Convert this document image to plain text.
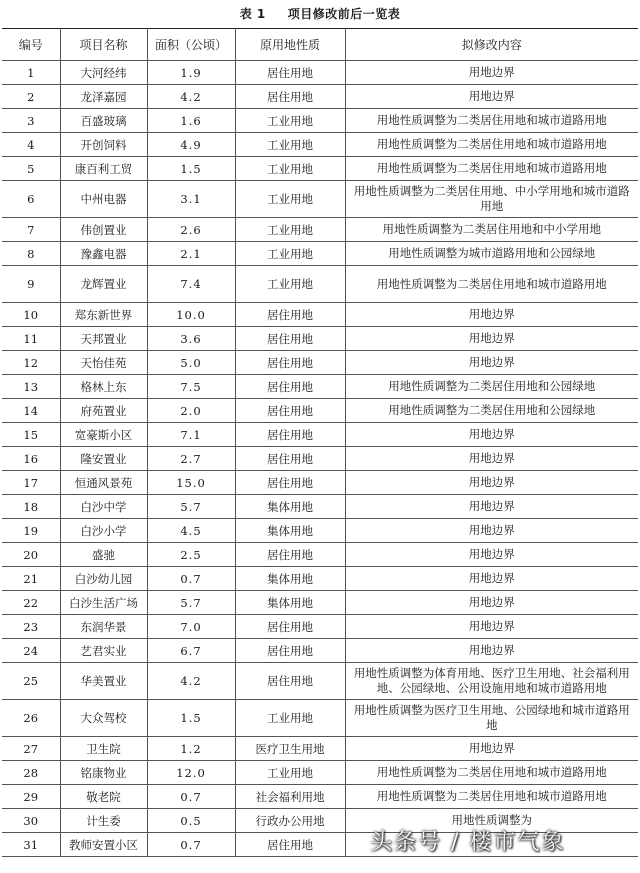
表 1 项目修改前后一览表
编号	项目名称	面积（公顷）	原用地性质	拟修改内容
1	大河经纬	1.9	居住用地	用地边界
2	龙泽嘉园	4.2	居住用地	用地边界
3	百盛玻璃	1.6	工业用地	用地性质调整为二类居住用地和城市道路用地
4	开创饲料	4.9	工业用地	用地性质调整为二类居住用地和城市道路用地
5	康百利工贸	1.5	工业用地	用地性质调整为二类居住用地和城市道路用地
6	中州电器	3.1	工业用地	用地性质调整为二类居住用地、中小学用地和城市道路用地
7	伟创置业	2.6	工业用地	用地性质调整为二类居住用地和中小学用地
8	豫鑫电器	2.1	工业用地	用地性质调整为城市道路用地和公园绿地
9	龙辉置业	7.4	工业用地	用地性质调整为二类居住用地和城市道路用地
10	郑东新世界	10.0	居住用地	用地边界
11	天邦置业	3.6	居住用地	用地边界
12	天怡佳苑	5.0	居住用地	用地边界
13	格林上东	7.5	居住用地	用地性质调整为二类居住用地和公园绿地
14	府苑置业	2.0	居住用地	用地性质调整为二类居住用地和公园绿地
15	宽豪斯小区	7.1	居住用地	用地边界
16	隆安置业	2.7	居住用地	用地边界
17	恒通风景苑	15.0	居住用地	用地边界
18	白沙中学	5.7	集体用地	用地边界
19	白沙小学	4.5	集体用地	用地边界
20	盛驰	2.5	居住用地	用地边界
21	白沙幼儿园	0.7	集体用地	用地边界
22	白沙生活广场	5.7	集体用地	用地边界
23	东润华景	7.0	居住用地	用地边界
24	艺君实业	6.7	居住用地	用地边界
25	华美置业	4.2	居住用地	用地性质调整为体育用地、医疗卫生用地、社会福利用地、公园绿地、公用设施用地和城市道路用地
26	大众驾校	1.5	工业用地	用地性质调整为医疗卫生用地、公园绿地和城市道路用地
27	卫生院	1.2	医疗卫生用地	用地边界
28	铭康物业	12.0	工业用地	用地性质调整为二类居住用地和城市道路用地
29	敬老院	0.7	社会福利用地	用地性质调整为二类居住用地和城市道路用地
30	计生委	0.5	行政办公用地	用地性质调整为
31	教师安置小区	0.7	居住用地		头条号 / 楼市气象
